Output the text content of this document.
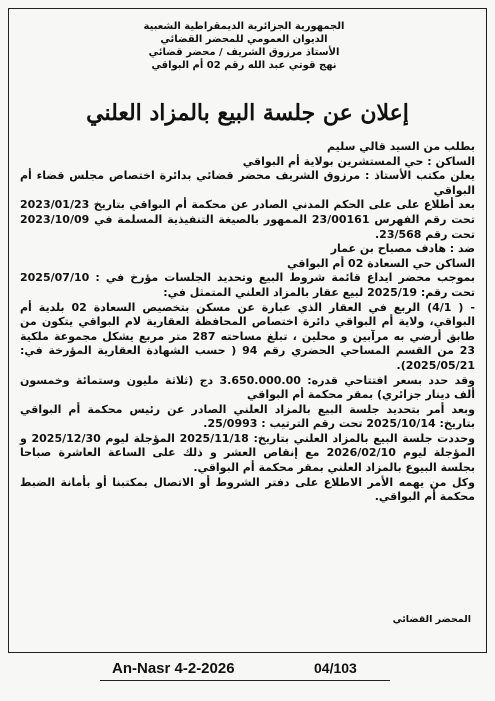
الجمهورية الجزائرية الديمقراطية الشعبية
الديوان العمومي للمحضر القضائي
الأستاذ مرزوق الشريف / محضر قضائي
نهج قوتي عبد الله رقم 02 أم البواقي
إعلان عن جلسة البيع بالمزاد العلني

بطلب من السيد قالي سليم

الساكن : حي المستشرين بولاية أم البواقي

يعلن مكتب الأستاذ : مرزوق الشريف محضر قضائي بدائرة اختصاص مجلس قضاء أم البواقي

بعد أطلاع على على الحكم المدني الصادر عن محكمة أم البواقي بتاريخ 2023/01/23 تحت رقم الفهرس 23/00161 الممهور بالصيغة التنفيذية المسلمة في 2023/10/09 تحت رقم 23/568.

ضد : هادف مصباح بن عمار

الساكن حي السعادة 02 أم البواقي

بموجب محضر ايداع قائمة شروط البيع وتحديد الجلسات مؤرخ في : 2025/07/10 تحت رقم: 2025/19 لبيع عقار بالمزاد العلني المتمثل في:

- ( 4/1) الربع في العقار الذي عبارة عن مسكن بتخصيص السعادة 02 بلدية أم البواقي، ولاية أم البواقي دائرة اختصاص المحافظة العقارية لام البواقي يتكون من طابق أرضي به مرآبين و محلين ، تبلغ مساحته 287 متر مربع يشكل مجموعة ملكية 23 من القسم المساحي الحضري رقم 94 ( حسب الشهادة العقارية المؤرخة في: 2025/05/21).

وقد حدد بسعر افتتاحي قدره: 3.650.000.00 دج (ثلاثة مليون وستمائة وخمسون ألف دينار جزائري) بمقر محكمة أم البواقي

وبعد أمر بتحديد جلسة البيع بالمزاد العلني الصادر عن رئيس محكمة أم البواقي بتاريخ: 2025/10/14 تحت رقم الترتيب : 25/0993.

وحددت جلسة البيع بالمزاد العلني بتاريخ: 2025/11/18 المؤجلة ليوم 2025/12/30 و المؤجلة ليوم 2026/02/10 مع إنقاص العشر و ذلك على الساعة العاشرة صباحا بجلسة البيوع بالمزاد العلني بمقر محكمة أم البواقي.

وكل من يهمه الأمر الاطلاع على دفتر الشروط أو الاتصال بمكتبنا أو بأمانة الضبط محكمة أم البواقي.

المحضر القضائي
An-Nasr 4-2-2026	04/103
